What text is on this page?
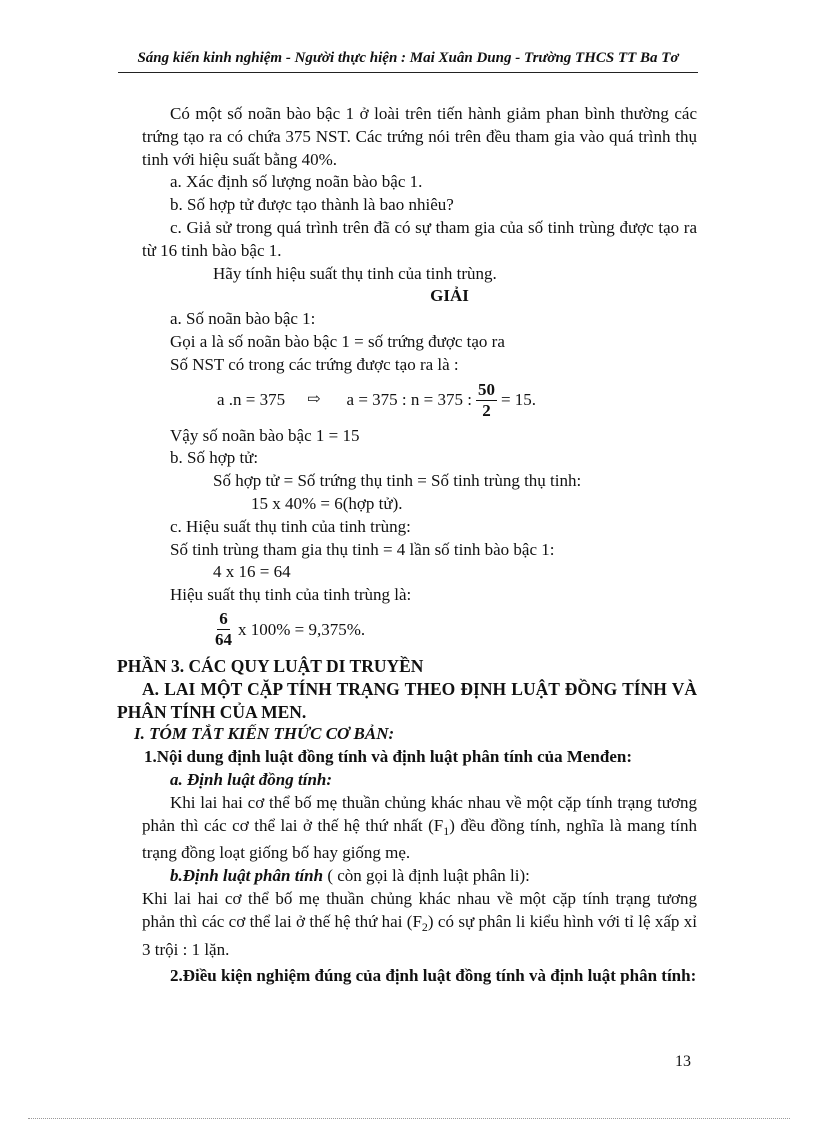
Sáng kiến kinh nghiệm - Người thực hiện : Mai Xuân Dung - Trường THCS TT Ba Tơ

Có một số noãn bào bậc 1 ở loài trên tiến hành giảm phan bình thường các trứng tạo ra có chứa 375 NST. Các trứng nói trên đều tham gia vào quá trình thụ tinh với hiệu suất bằng 40%.

a. Xác định số lượng noãn bào bậc 1.

b. Số hợp tử được tạo thành là bao nhiêu?

c. Giả sử trong quá trình trên đã có sự tham gia của số tinh trùng được tạo ra từ 16 tinh bào bậc 1.

Hãy tính hiệu suất thụ tinh của tinh trùng.

GIẢI

a. Số noãn bào bậc 1:

Gọi a là số noãn bào bậc 1 = số trứng được tạo ra

Số NST có trong các trứng được tạo ra là :

a .n = 375 ⇨ a = 375 : n = 375 : $\frac{50}{2} = 15$.

Vậy số noãn bào bậc 1 = 15

b. Số hợp tử:

Số hợp tử = Số trứng thụ tinh = Số tinh trùng thụ tinh:

15 x 40% = 6(hợp tử).

c. Hiệu suất thụ tinh của tinh trùng:

Số tinh trùng tham gia thụ tinh = 4 lần số tinh bào bậc 1:

4 x 16 = 64

Hiệu suất thụ tinh của tinh trùng là:

$\frac{6}{64}$ x 100% = 9,375%.

PHẦN 3. CÁC QUY LUẬT DI TRUYỀN

A. LAI MỘT CẶP TÍNH TRẠNG THEO ĐỊNH LUẬT ĐỒNG TÍNH VÀ PHÂN TÍNH CỦA MEN.

I. TÓM TẮT KIẾN THỨC CƠ BẢN:

1.Nội dung định luật đồng tính và định luật phân tính của Menđen:

a. Định luật đồng tính:

Khi lai hai cơ thể bố mẹ thuần chủng khác nhau về một cặp tính trạng tương phản thì các cơ thể lai ở thế hệ thứ nhất $(F_1)$ đều đồng tính, nghĩa là mang tính trạng đồng loạt giống bố hay giống mẹ.

b.Định luật phân tính ( còn gọi là định luật phân li):

Khi lai hai cơ thể bố mẹ thuần chủng khác nhau về một cặp tính trạng tương phản thì các cơ thể lai ở thế hệ thứ hai $(F_2)$ có sự phân li kiểu hình với tỉ lệ xấp xỉ 3 trội : 1 lặn.

2.Điều kiện nghiệm đúng của định luật đồng tính và định luật phân tính:

13
